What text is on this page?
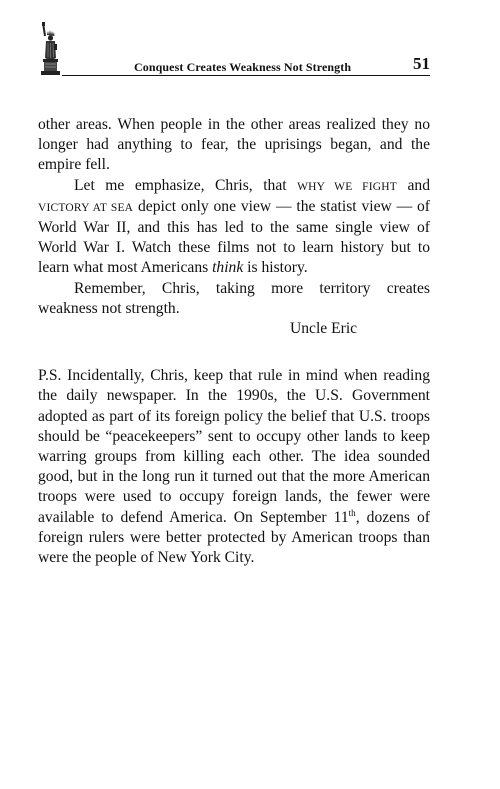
Conquest Creates Weakness Not Strength	51

other areas. When people in the other areas realized they no longer had anything to fear, the uprisings began, and the empire fell.

Let me emphasize, Chris, that WHY WE FIGHT and VICTORY AT SEA depict only one view — the statist view — of World War II, and this has led to the same single view of World War I. Watch these films not to learn history but to learn what most Americans think is history.

Remember, Chris, taking more territory creates weakness not strength.

Uncle Eric

P.S. Incidentally, Chris, keep that rule in mind when reading the daily newspaper. In the 1990s, the U.S. Government adopted as part of its foreign policy the belief that U.S. troops should be “peacekeepers” sent to occupy other lands to keep warring groups from killing each other. The idea sounded good, but in the long run it turned out that the more American troops were used to occupy foreign lands, the fewer were available to defend America. On September 11th, dozens of foreign rulers were better protected by American troops than were the people of New York City.
